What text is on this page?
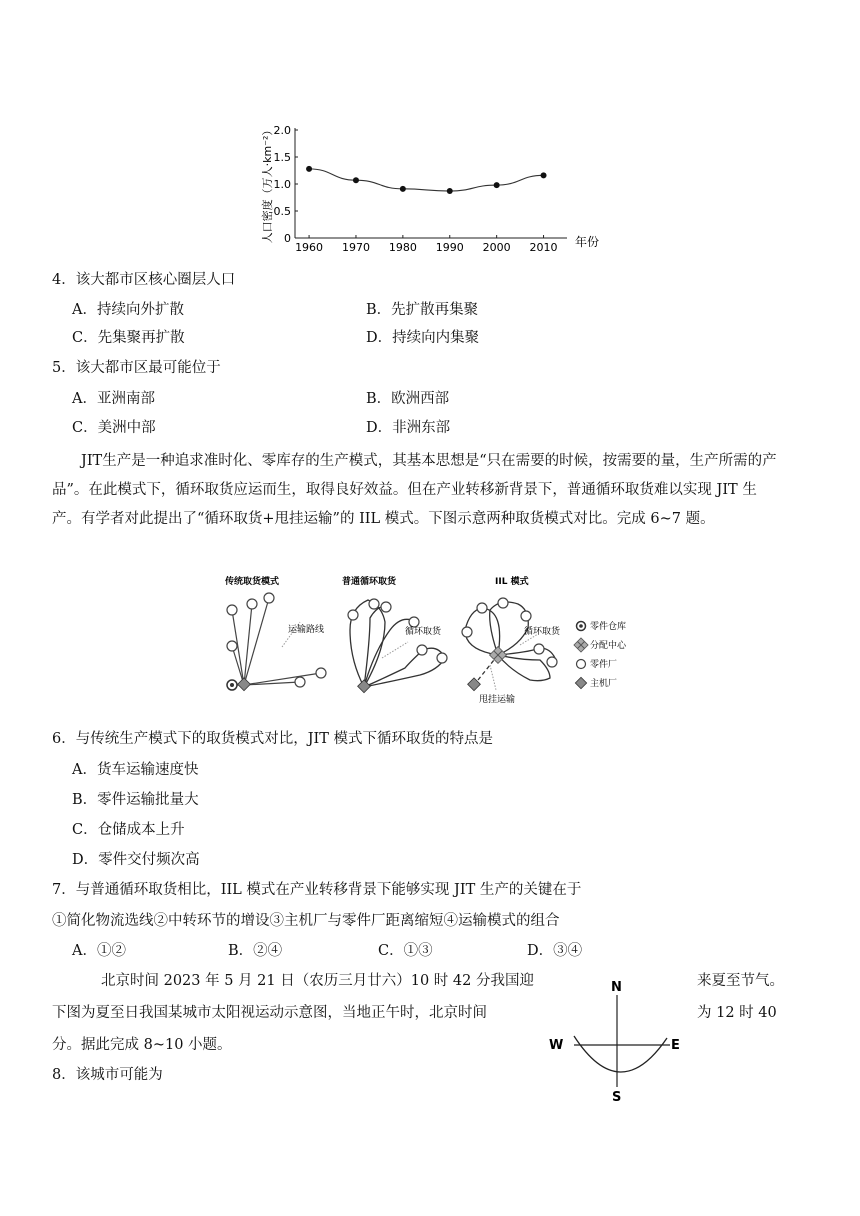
0
0.5
1.0
1.5
2.0
1960 1970 1980 1990 2000 2010
人口密度（万人·km⁻²）	年份
4．该大都市区核心圈层人口
A．持续向外扩散	B．先扩散再集聚
C．先集聚再扩散	D．持续向内集聚
5．该大都市区最可能位于
A．亚洲南部	B．欧洲西部
C．美洲中部	D．非洲东部
JIT生产是一种追求准时化、零库存的生产模式，其基本思想是“只在需要的时候，按需要的量，生产所需的产品”。在此模式下，循环取货应运而生，取得良好效益。但在产业转移新背景下，普通循环取货难以实现 JIT 生产。有学者对此提出了“循环取货+甩挂运输”的 IIL 模式。下图示意两种取货模式对比。完成 6~7 题。
传统取货模式	普通循环取货	IIL 模式
运输路线	循环取货	循环取货
甩挂运输
零件仓库
分配中心
零件厂
主机厂
6．与传统生产模式下的取货模式对比，JIT 模式下循环取货的特点是
A．货车运输速度快
B．零件运输批量大
C．仓储成本上升
D．零件交付频次高
7．与普通循环取货相比，IIL 模式在产业转移背景下能够实现 JIT 生产的关键在于
①简化物流选线②中转环节的增设③主机厂与零件厂距离缩短④运输模式的组合
A．①②	B．②④	C．①③	D．③④
北京时间 2023 年 5 月 21 日（农历三月廿六）10 时 42 分我国迎	来夏至节气。
下图为夏至日我国某城市太阳视运动示意图，当地正午时，北京时间	为 12 时 40
分。据此完成 8~10 小题。
8．该城市可能为
N
S
W	E
